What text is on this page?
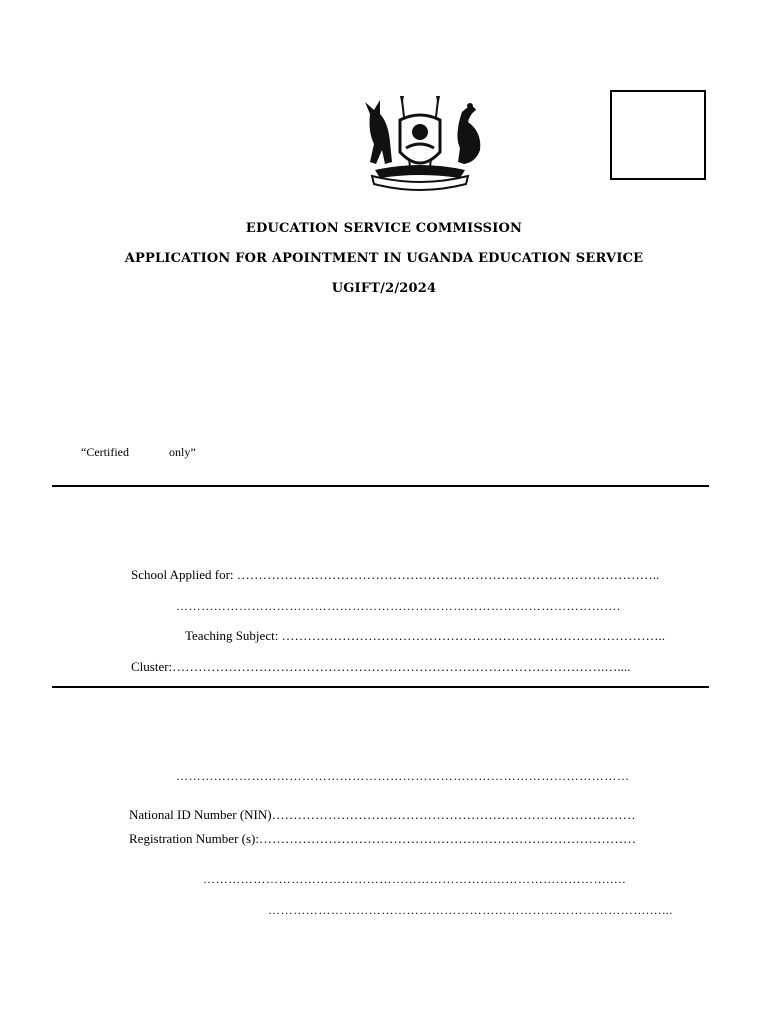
EDUCATION SERVICE COMMISSION
APPLICATION FOR APOINTMENT IN UGANDA EDUCATION SERVICE
UGIFT/2/2024
“Certified	only”
School Applied for: ……………………………………………………………………………………..
…………………………………………………………………………………………….
Teaching Subject: ……………………………………………………………………………..
Cluster:……………………………………………………………………………………….…....
………………………………………………………………………………………………
National ID Number (NIN)…………………………………………………………………………
Registration Number (s):……………………………………………………………………………
…………………………………………………………………………………….….
……………………………………………………………………………….…...
